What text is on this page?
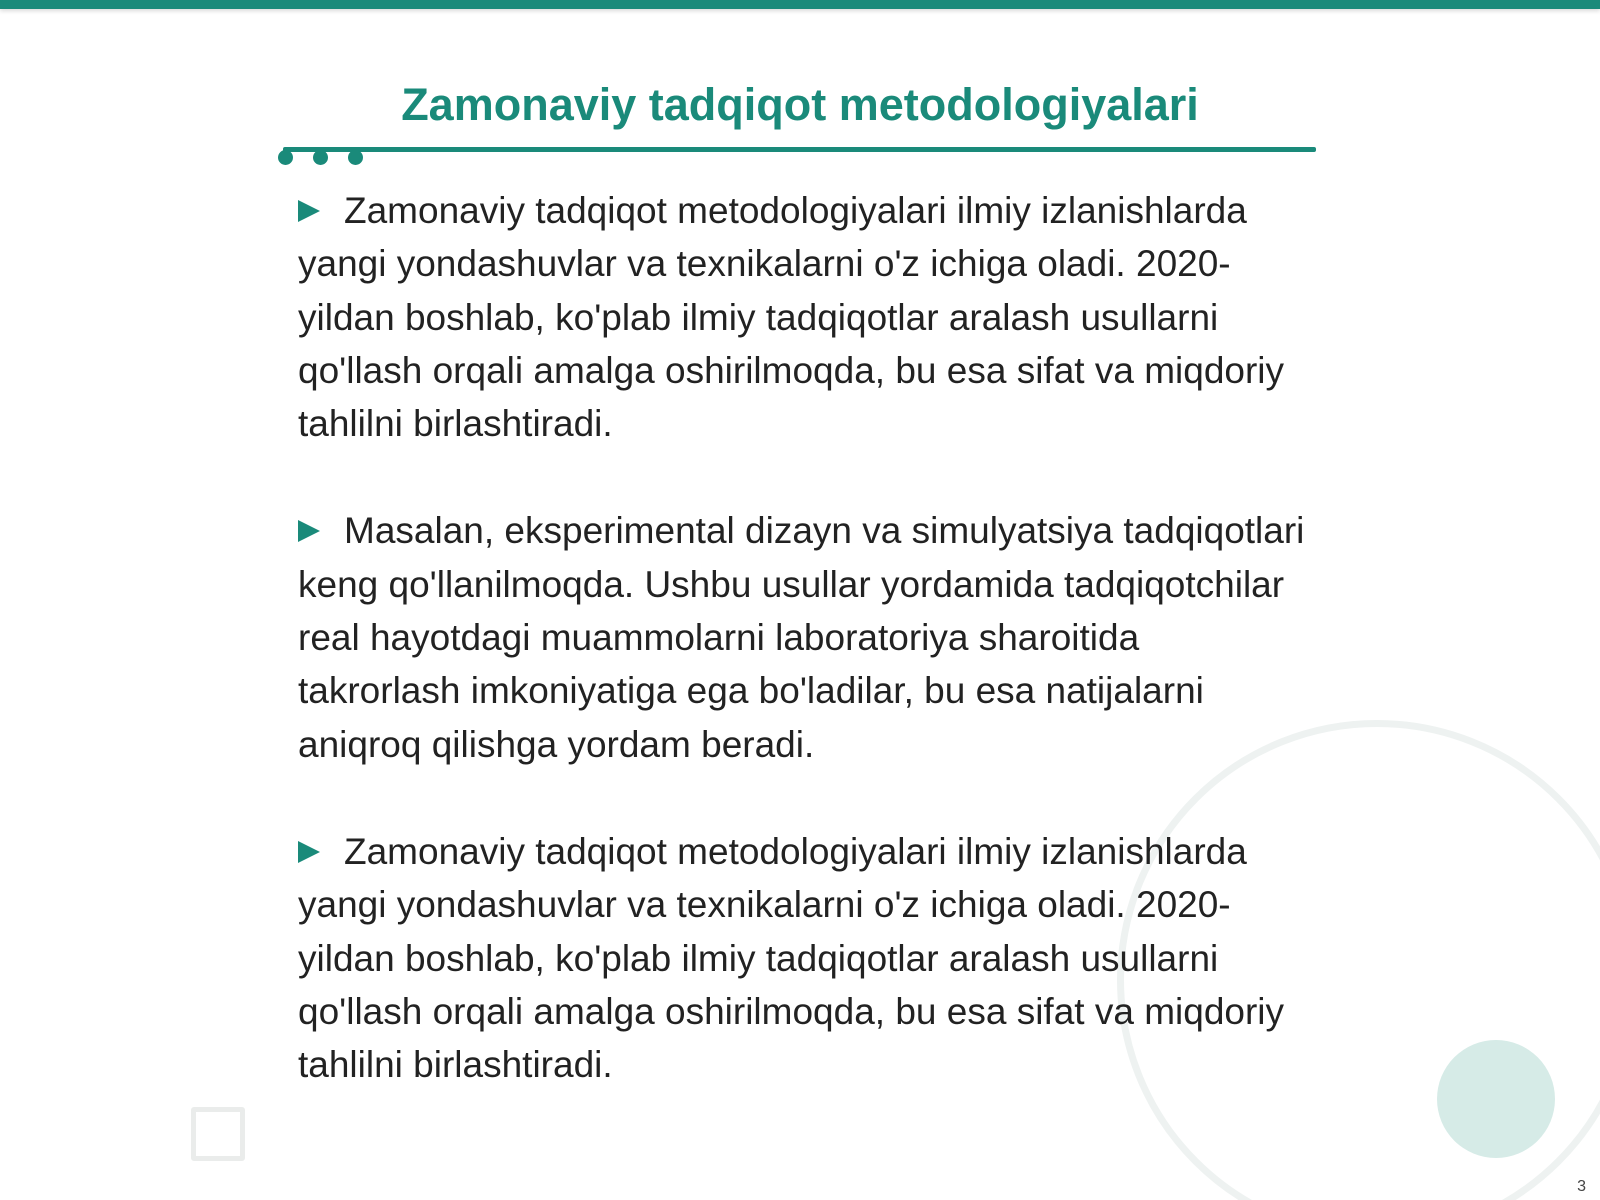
Zamonaviy tadqiqot metodologiyalari

Zamonaviy tadqiqot metodologiyalari ilmiy izlanishlarda yangi yondashuvlar va texnikalarni o'z ichiga oladi. 2020-yildan boshlab, ko'plab ilmiy tadqiqotlar aralash usullarni qo'llash orqali amalga oshirilmoqda, bu esa sifat va miqdoriy tahlilni birlashtiradi.

Masalan, eksperimental dizayn va simulyatsiya tadqiqotlari keng qo'llanilmoqda. Ushbu usullar yordamida tadqiqotchilar real hayotdagi muammolarni laboratoriya sharoitida takrorlash imkoniyatiga ega bo'ladilar, bu esa natijalarni aniqroq qilishga yordam beradi.

Zamonaviy tadqiqot metodologiyalari ilmiy izlanishlarda yangi yondashuvlar va texnikalarni o'z ichiga oladi. 2020-yildan boshlab, ko'plab ilmiy tadqiqotlar aralash usullarni qo'llash orqali amalga oshirilmoqda, bu esa sifat va miqdoriy tahlilni birlashtiradi.

3
